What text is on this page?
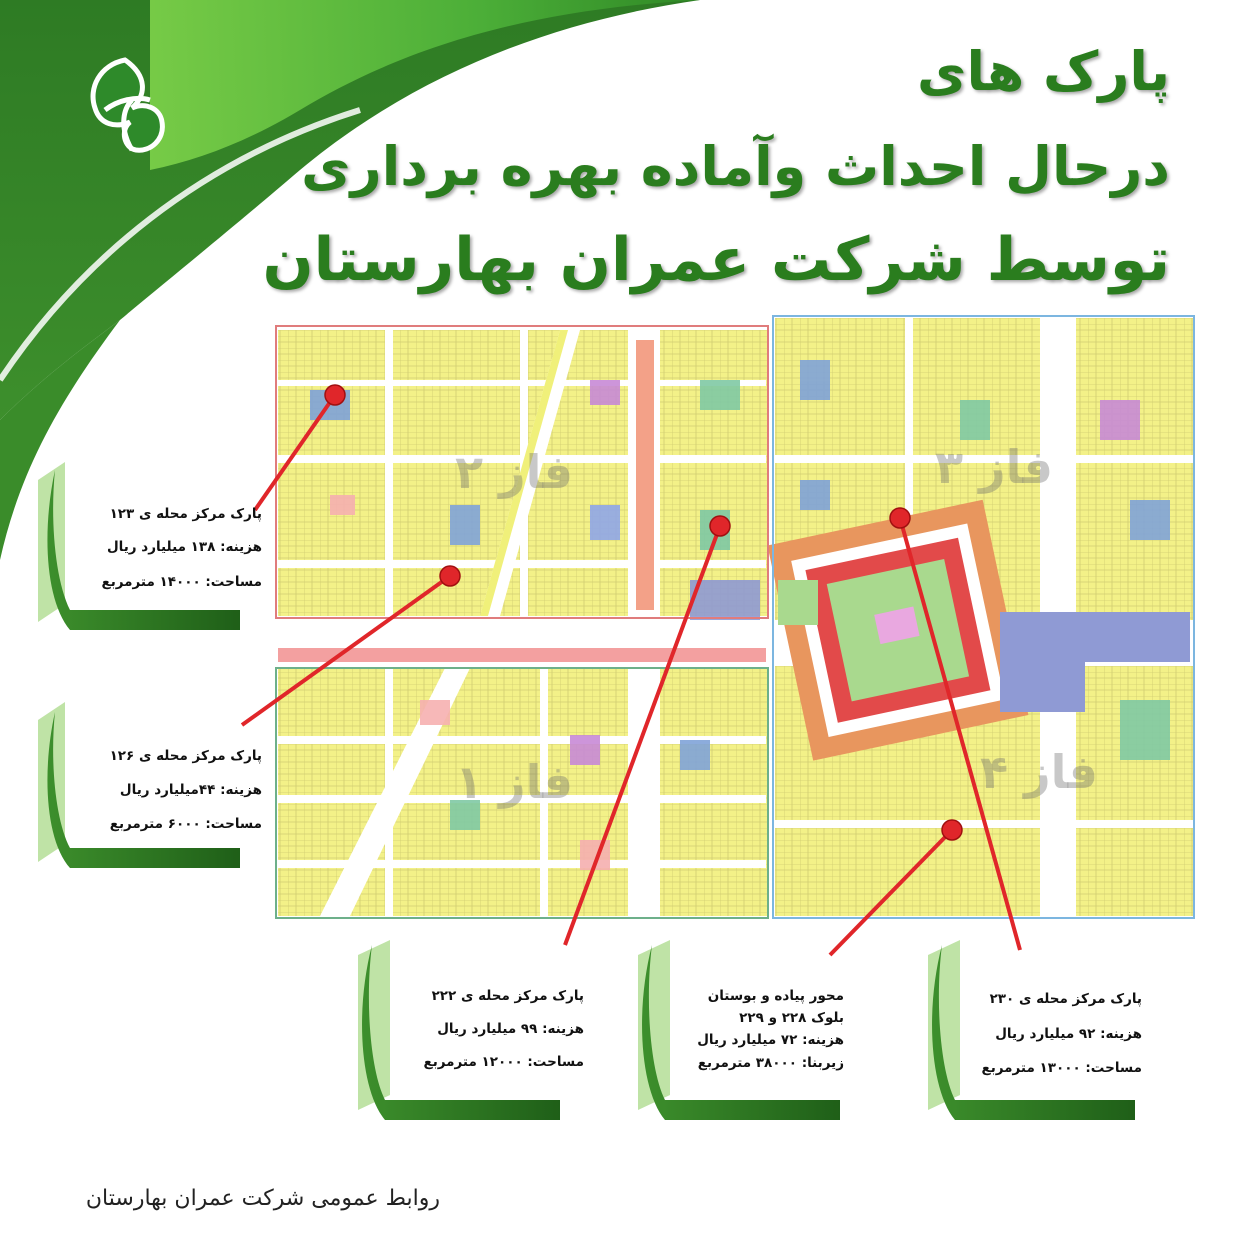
فاز ۱
فاز ۲	فاز ۳
فاز ۴
پارک های
درحال احداث وآماده بهره برداری
توسط شرکت عمران بهارستان
پارک مرکز محله ی ۱۲۳
هزینه: ۱۳۸ میلیارد ریال
مساحت: ۱۴۰۰۰ مترمربع
پارک مرکز محله ی ۱۲۶
هزینه: ۴۴میلیارد ریال
مساحت: ۶۰۰۰ مترمربع
پارک مرکز محله ی ۲۲۲
هزینه: ۹۹ میلیارد ریال
مساحت: ۱۲۰۰۰ مترمربع
محور پیاده و بوستان
بلوک ۲۲۸ و ۲۲۹
هزینه: ۷۲ میلیارد ریال
زیربنا: ۳۸۰۰۰ مترمربع
پارک مرکز محله ی ۲۳۰
هزینه: ۹۲ میلیارد ریال
مساحت: ۱۳۰۰۰ مترمربع
روابط عمومی شرکت عمران بهارستان
